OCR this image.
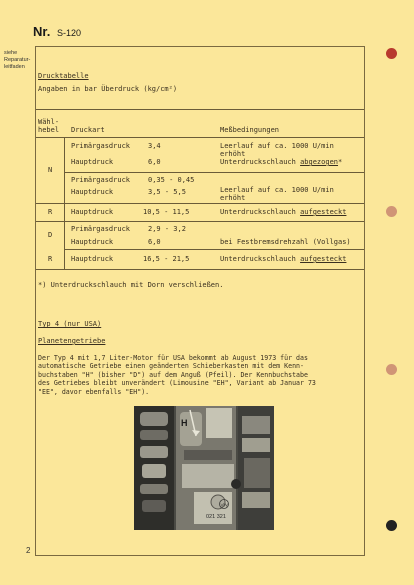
Nr. S-120
siehe Reparatur-leitfaden
2
Drucktabelle
Angaben in bar Überdruck (kg/cm²)
Wähl-
hebel Druckart	Meßbedingungen
N
Primärgasdruck	3,4	Leerlauf auf ca. 1000 U/min
erhöht
Hauptdruck	6,0	Unterdruckschlauch abgezogen*
Primärgasdruck	0,35 - 0,45
Hauptdruck	3,5 - 5,5	Leerlauf auf ca. 1000 U/min
erhöht
R	Hauptdruck	10,5 - 11,5	Unterdruckschlauch aufgesteckt
D
Primärgasdruck	2,9 - 3,2
Hauptdruck	6,0	bei Festbremsdrehzahl (Vollgas)
R	Hauptdruck	16,5 - 21,5	Unterdruckschlauch aufgesteckt
*) Unterdruckschlauch mit Dorn verschließen.
Typ 4 (nur USA)
Planetengetriebe
Der Typ 4 mit 1,7 Liter-Motor für USA bekommt ab August 1973 für das
automatische Getriebe einen geänderten Schieberkasten mit dem Kenn-
buchstaben "H" (bisher "D") auf dem Anguß (Pfeil). Der Kennbuchstabe
des Getriebes bleibt unverändert (Limousine "EH", Variant ab Januar 73
"EE", davor ebenfalls "EH").
H
021 321
VW
